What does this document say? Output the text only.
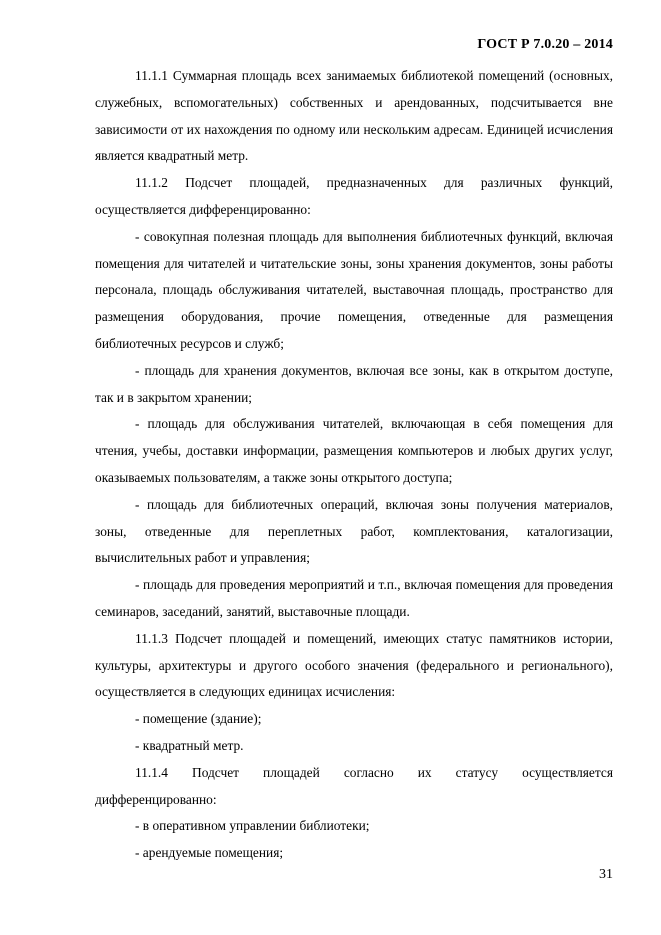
ГОСТ Р 7.0.20 – 2014

11.1.1 Суммарная площадь всех занимаемых библиотекой помещений (основных, служебных, вспомогательных) собственных и арендованных, подсчитывается вне зависимости от их нахождения по одному или нескольким адресам. Единицей исчисления является квадратный метр.

11.1.2 Подсчет площадей, предназначенных для различных функций, осуществляется дифференцированно:

- совокупная полезная площадь для выполнения библиотечных функций, включая помещения для читателей и читательские зоны, зоны хранения документов, зоны работы персонала, площадь обслуживания читателей, выставочная площадь, пространство для размещения оборудования, прочие помещения, отведенные для размещения библиотечных ресурсов и служб;

- площадь для хранения документов, включая все зоны, как в открытом доступе, так и в закрытом хранении;

- площадь для обслуживания читателей, включающая в себя помещения для чтения, учебы, доставки информации, размещения компьютеров и любых других услуг, оказываемых пользователям, а также зоны открытого доступа;

- площадь для библиотечных операций, включая зоны получения материалов, зоны, отведенные для переплетных работ, комплектования, каталогизации, вычислительных работ и управления;

- площадь для проведения мероприятий и т.п., включая помещения для проведения семинаров, заседаний, занятий, выставочные площади.

11.1.3 Подсчет площадей и помещений, имеющих статус памятников истории, культуры, архитектуры и другого особого значения (федерального и регионального), осуществляется в следующих единицах исчисления:

- помещение (здание);

- квадратный метр.

11.1.4 Подсчет площадей согласно их статусу осуществляется дифференцированно:

- в оперативном управлении библиотеки;

- арендуемые помещения;

31
